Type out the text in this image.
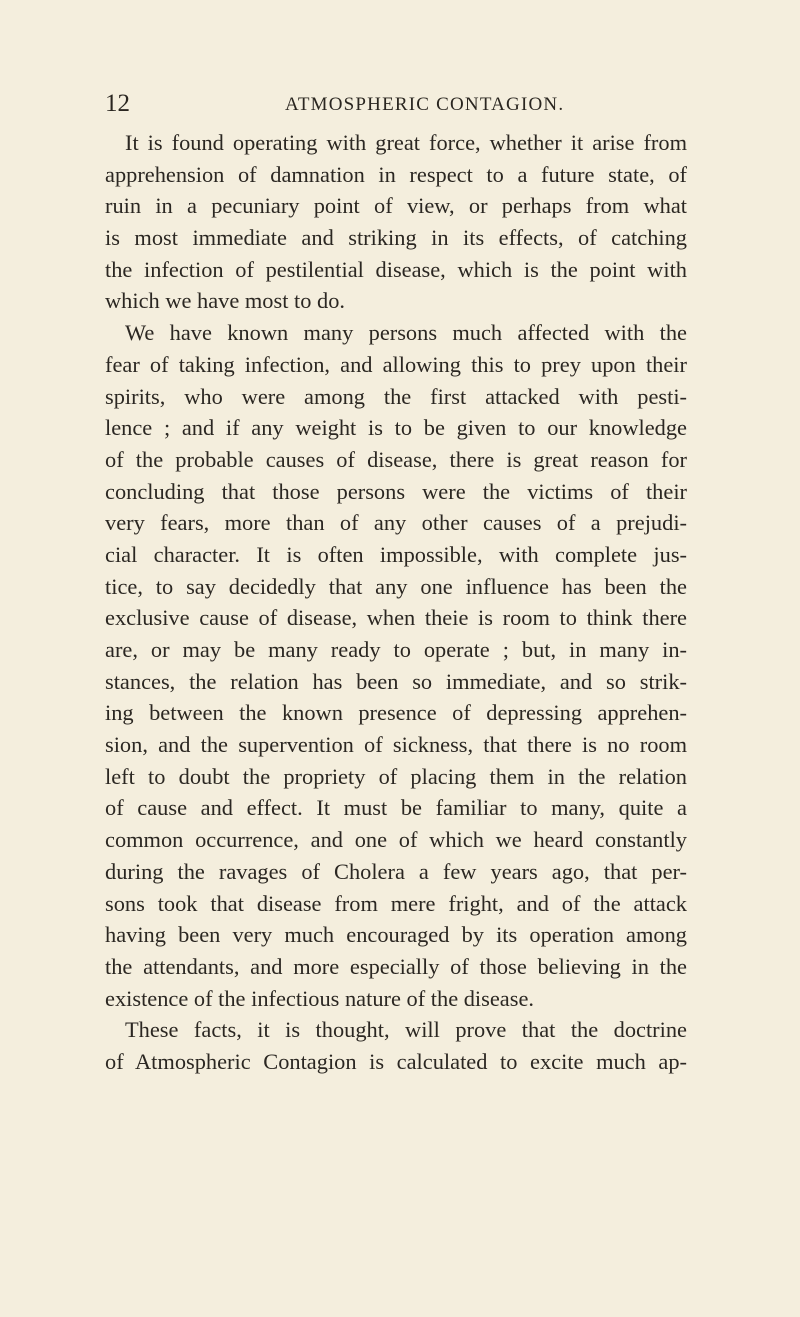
12	ATMOSPHERIC CONTAGION.
It is found operating with great force, whether it arise from
apprehension of damnation in respect to a future state, of
ruin in a pecuniary point of view, or perhaps from what
is most immediate and striking in its effects, of catching
the infection of pestilential disease, which is the point with
which we have most to do.
We have known many persons much affected with the
fear of taking infection, and allowing this to prey upon their
spirits, who were among the first attacked with pesti-
lence ; and if any weight is to be given to our knowledge
of the probable causes of disease, there is great reason for
concluding that those persons were the victims of their
very fears, more than of any other causes of a prejudi-
cial character. It is often impossible, with complete jus-
tice, to say decidedly that any one influence has been the
exclusive cause of disease, when theie is room to think there
are, or may be many ready to operate ; but, in many in-
stances, the relation has been so immediate, and so strik-
ing between the known presence of depressing apprehen-
sion, and the supervention of sickness, that there is no room
left to doubt the propriety of placing them in the relation
of cause and effect. It must be familiar to many, quite a
common occurrence, and one of which we heard constantly
during the ravages of Cholera a few years ago, that per-
sons took that disease from mere fright, and of the attack
having been very much encouraged by its operation among
the attendants, and more especially of those believing in the
existence of the infectious nature of the disease.
These facts, it is thought, will prove that the doctrine
of Atmospheric Contagion is calculated to excite much ap-
